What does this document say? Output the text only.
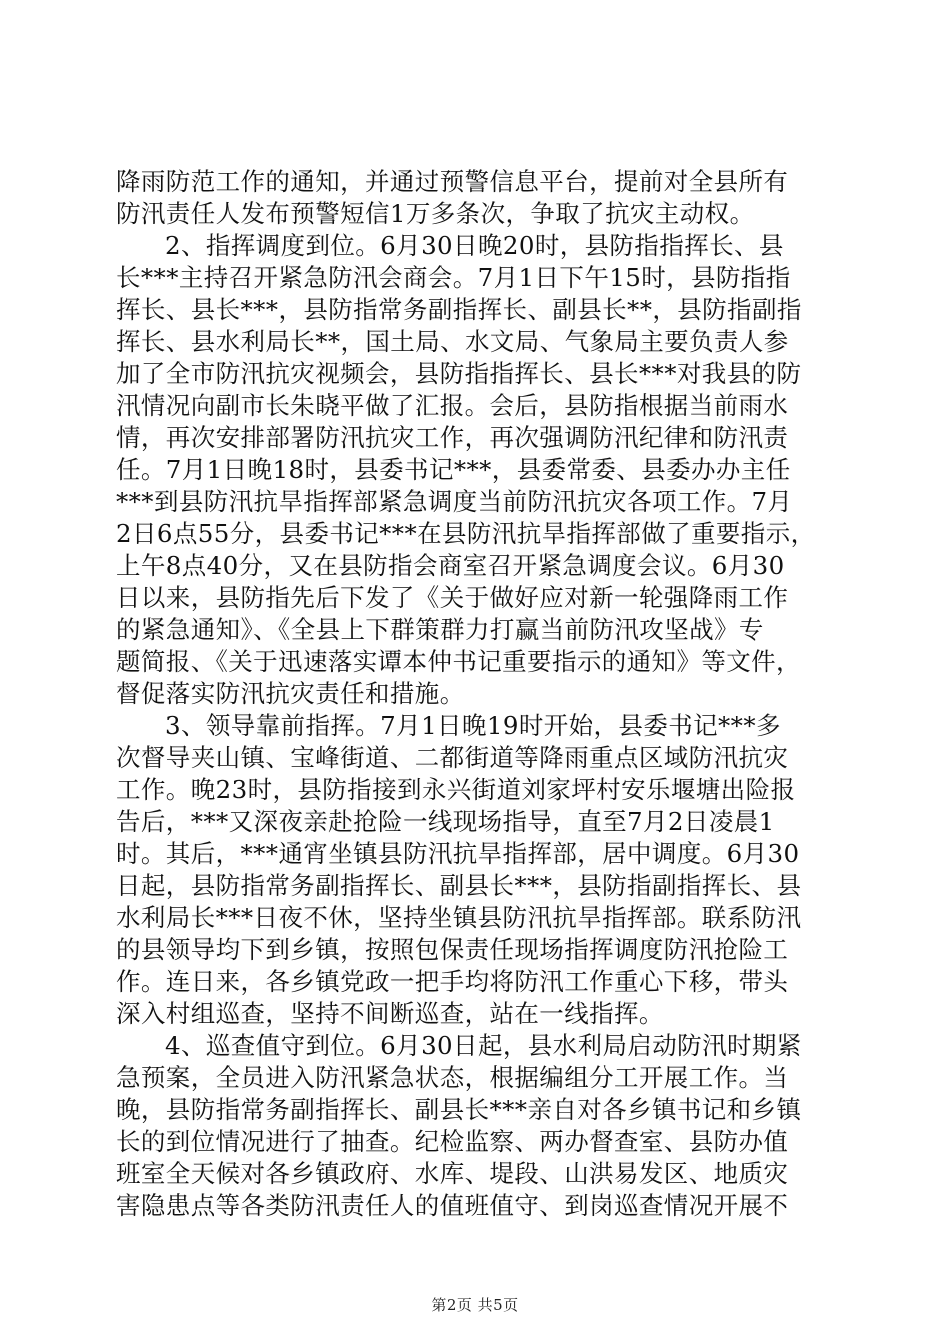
降雨防范工作的通知，并通过预警信息平台，提前对全县所有
防汛责任人发布预警短信1万多条次，争取了抗灾主动权。
2、指挥调度到位。6月30日晚20时，县防指指挥长、县
长***主持召开紧急防汛会商会。7月1日下午15时，县防指指
挥长、县长***，县防指常务副指挥长、副县长**，县防指副指
挥长、县水利局长**，国土局、水文局、气象局主要负责人参
加了全市防汛抗灾视频会，县防指指挥长、县长***对我县的防
汛情况向副市长朱晓平做了汇报。会后，县防指根据当前雨水
情，再次安排部署防汛抗灾工作，再次强调防汛纪律和防汛责
任。7月1日晚18时，县委书记***，县委常委、县委办办主任
***到县防汛抗旱指挥部紧急调度当前防汛抗灾各项工作。7月
2日6点55分，县委书记***在县防汛抗旱指挥部做了重要指示，
上午8点40分，又在县防指会商室召开紧急调度会议。6月30
日以来，县防指先后下发了《关于做好应对新一轮强降雨工作
的紧急通知》、《全县上下群策群力打赢当前防汛攻坚战》专
题简报、《关于迅速落实谭本仲书记重要指示的通知》等文件，
督促落实防汛抗灾责任和措施。
3、领导靠前指挥。7月1日晚19时开始，县委书记***多
次督导夹山镇、宝峰街道、二都街道等降雨重点区域防汛抗灾
工作。晚23时，县防指接到永兴街道刘家坪村安乐堰塘出险报
告后，***又深夜亲赴抢险一线现场指导，直至7月2日凌晨1
时。其后，***通宵坐镇县防汛抗旱指挥部，居中调度。6月30
日起，县防指常务副指挥长、副县长***，县防指副指挥长、县
水利局长***日夜不休，坚持坐镇县防汛抗旱指挥部。联系防汛
的县领导均下到乡镇，按照包保责任现场指挥调度防汛抢险工
作。连日来，各乡镇党政一把手均将防汛工作重心下移，带头
深入村组巡查，坚持不间断巡查，站在一线指挥。
4、巡查值守到位。6月30日起，县水利局启动防汛时期紧
急预案，全员进入防汛紧急状态，根据编组分工开展工作。当
晚，县防指常务副指挥长、副县长***亲自对各乡镇书记和乡镇
长的到位情况进行了抽查。纪检监察、两办督查室、县防办值
班室全天候对各乡镇政府、水库、堤段、山洪易发区、地质灾
害隐患点等各类防汛责任人的值班值守、到岗巡查情况开展不
第2页 共5页
